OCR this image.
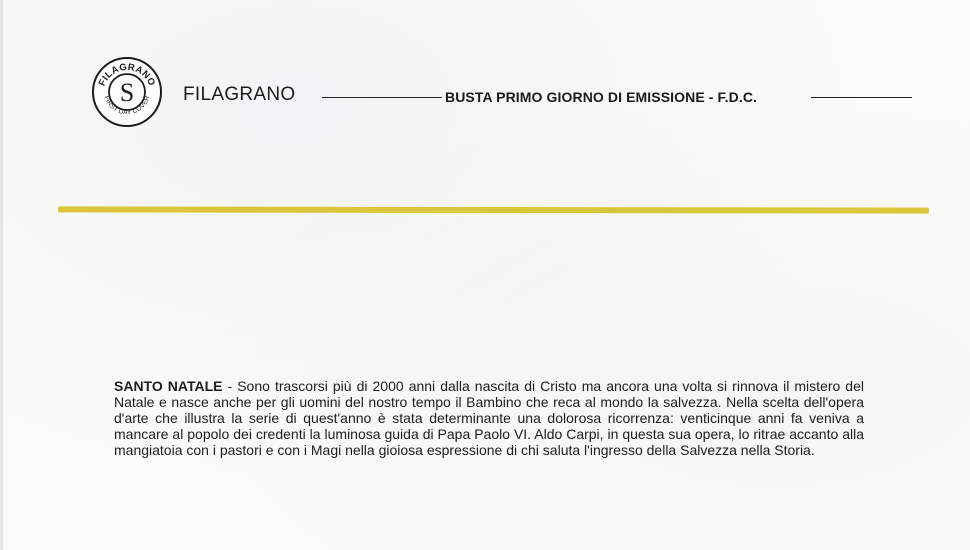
FILAGRANO
FIRST DAY COVER
S	FILAGRANO	BUSTA PRIMO GIORNO DI EMISSIONE - F.D.C.
SANTO NATALE - Sono trascorsi più di 2000 anni dalla nascita di Cristo ma ancora una volta si rinnova il mistero del Natale e nasce anche per gli uomini del nostro tempo il Bambino che reca al mondo la salvezza. Nella scelta dell'opera d'arte che illustra la serie di quest'anno è stata determinante una dolorosa ricorrenza: venticinque anni fa veniva a mancare al popolo dei credenti la luminosa guida di Papa Paolo VI. Aldo Carpi, in questa sua opera, lo ritrae accanto alla mangiatoia con i pastori e con i Magi nella gioiosa espressione di chi saluta l'ingresso della Salvezza nella Storia.
